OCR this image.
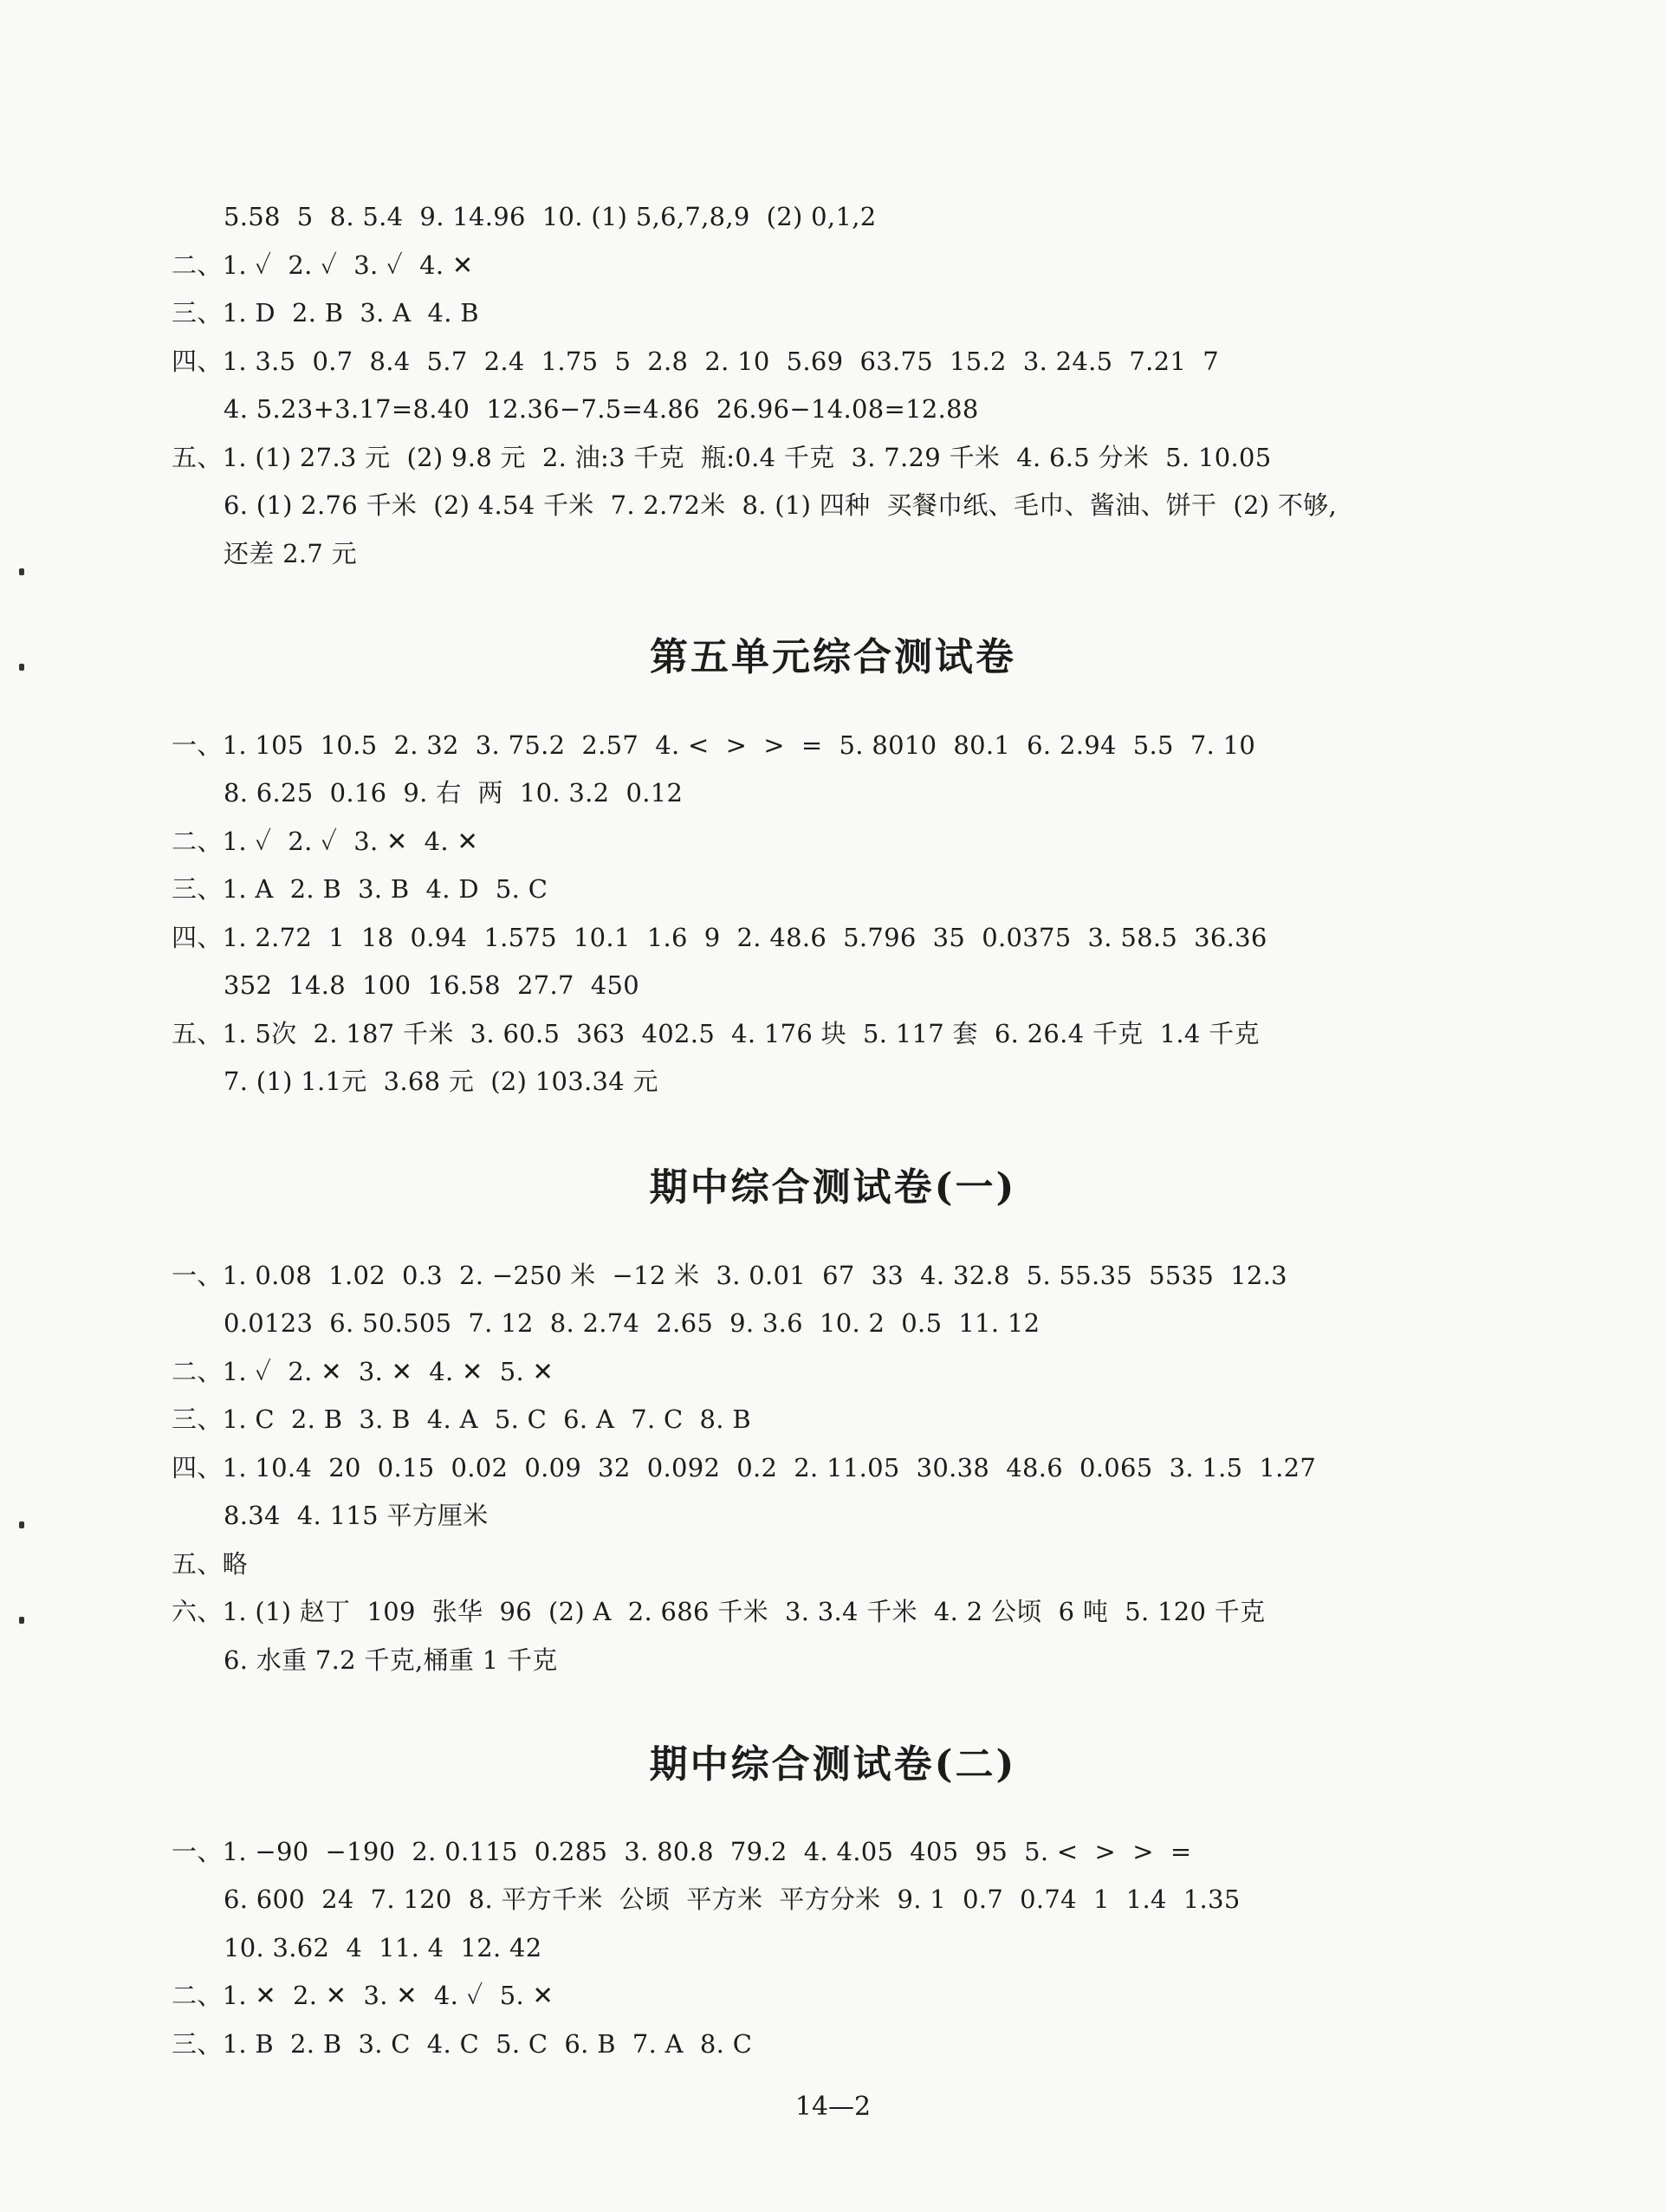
5.58  5  8. 5.4  9. 14.96  10. (1) 5,6,7,8,9  (2) 0,1,2
二、1. ✓  2. ✓  3. ✓  4. ✕
三、1. D  2. B  3. A  4. B
四、1. 3.5  0.7  8.4  5.7  2.4  1.75  5  2.8  2. 10  5.69  63.75  15.2  3. 24.5  7.21  7
4. 5.23+3.17=8.40  12.36−7.5=4.86  26.96−14.08=12.88
五、1. (1) 27.3 元  (2) 9.8 元  2. 油:3 千克  瓶:0.4 千克  3. 7.29 千米  4. 6.5 分米  5. 10.05
6. (1) 2.76 千米  (2) 4.54 千米  7. 2.72米  8. (1) 四种  买餐巾纸、毛巾、酱油、饼干  (2) 不够,
还差 2.7 元
第五单元综合测试卷
一、1. 105  10.5  2. 32  3. 75.2  2.57  4. <  >  >  =  5. 8010  80.1  6. 2.94  5.5  7. 10
8. 6.25  0.16  9. 右  两  10. 3.2  0.12
二、1. ✓  2. ✓  3. ✕  4. ✕
三、1. A  2. B  3. B  4. D  5. C
四、1. 2.72  1  18  0.94  1.575  10.1  1.6  9  2. 48.6  5.796  35  0.0375  3. 58.5  36.36
352  14.8  100  16.58  27.7  450
五、1. 5次  2. 187 千米  3. 60.5  363  402.5  4. 176 块  5. 117 套  6. 26.4 千克  1.4 千克
7. (1) 1.1元  3.68 元  (2) 103.34 元
期中综合测试卷(一)
一、1. 0.08  1.02  0.3  2. −250 米  −12 米  3. 0.01  67  33  4. 32.8  5. 55.35  5535  12.3
0.0123  6. 50.505  7. 12  8. 2.74  2.65  9. 3.6  10. 2  0.5  11. 12
二、1. ✓  2. ✕  3. ✕  4. ✕  5. ✕
三、1. C  2. B  3. B  4. A  5. C  6. A  7. C  8. B
四、1. 10.4  20  0.15  0.02  0.09  32  0.092  0.2  2. 11.05  30.38  48.6  0.065  3. 1.5  1.27
8.34  4. 115 平方厘米
五、略
六、1. (1) 赵丁  109  张华  96  (2) A  2. 686 千米  3. 3.4 千米  4. 2 公顷  6 吨  5. 120 千克
6. 水重 7.2 千克,桶重 1 千克
期中综合测试卷(二)
一、1. −90  −190  2. 0.115  0.285  3. 80.8  79.2  4. 4.05  405  95  5. <  >  >  =
6. 600  24  7. 120  8. 平方千米  公顷  平方米  平方分米  9. 1  0.7  0.74  1  1.4  1.35
10. 3.62  4  11. 4  12. 42
二、1. ✕  2. ✕  3. ✕  4. ✓  5. ✕
三、1. B  2. B  3. C  4. C  5. C  6. B  7. A  8. C
14—2
